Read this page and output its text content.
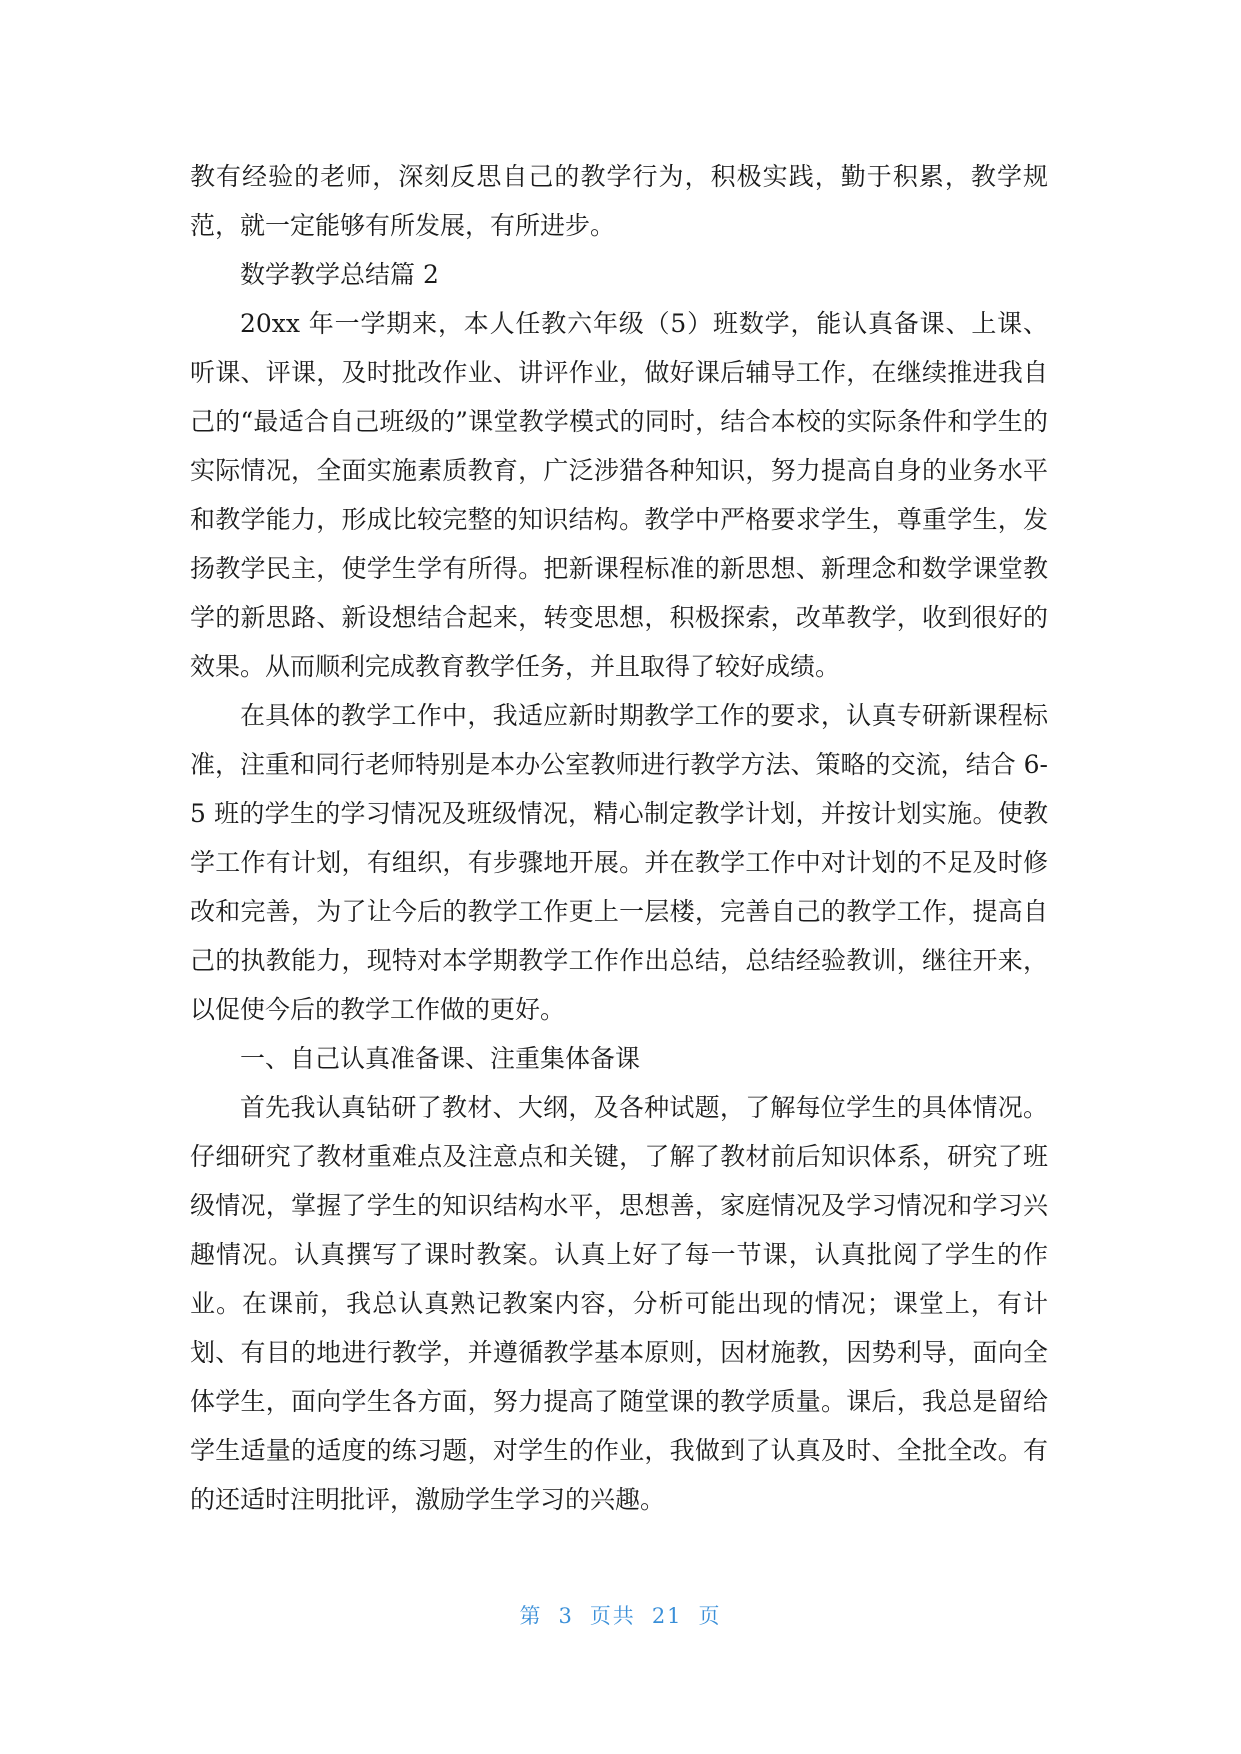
教有经验的老师，深刻反思自己的教学行为，积极实践，勤于积累，教学规范，就一定能够有所发展，有所进步。

数学教学总结篇 2

20xx 年一学期来，本人任教六年级（5）班数学，能认真备课、上课、听课、评课，及时批改作业、讲评作业，做好课后辅导工作，在继续推进我自己的“最适合自己班级的”课堂教学模式的同时，结合本校的实际条件和学生的实际情况，全面实施素质教育，广泛涉猎各种知识，努力提高自身的业务水平和教学能力，形成比较完整的知识结构。教学中严格要求学生，尊重学生，发扬教学民主，使学生学有所得。把新课程标准的新思想、新理念和数学课堂教学的新思路、新设想结合起来，转变思想，积极探索，改革教学，收到很好的效果。从而顺利完成教育教学任务，并且取得了较好成绩。

在具体的教学工作中，我适应新时期教学工作的要求，认真专研新课程标准，注重和同行老师特别是本办公室教师进行教学方法、策略的交流，结合 6-5 班的学生的学习情况及班级情况，精心制定教学计划，并按计划实施。使教学工作有计划，有组织，有步骤地开展。并在教学工作中对计划的不足及时修改和完善，为了让今后的教学工作更上一层楼，完善自己的教学工作，提高自己的执教能力，现特对本学期教学工作作出总结，总结经验教训，继往开来，以促使今后的教学工作做的更好。

一、自己认真准备课、注重集体备课

首先我认真钻研了教材、大纲，及各种试题，了解每位学生的具体情况。仔细研究了教材重难点及注意点和关键，了解了教材前后知识体系，研究了班级情况，掌握了学生的知识结构水平，思想善，家庭情况及学习情况和学习兴趣情况。认真撰写了课时教案。认真上好了每一节课，认真批阅了学生的作业。在课前，我总认真熟记教案内容，分析可能出现的情况；课堂上，有计划、有目的地进行教学，并遵循教学基本原则，因材施教，因势利导，面向全体学生，面向学生各方面，努力提高了随堂课的教学质量。课后，我总是留给学生适量的适度的练习题，对学生的作业，我做到了认真及时、全批全改。有的还适时注明批评，激励学生学习的兴趣。

第 3 页共 21 页
